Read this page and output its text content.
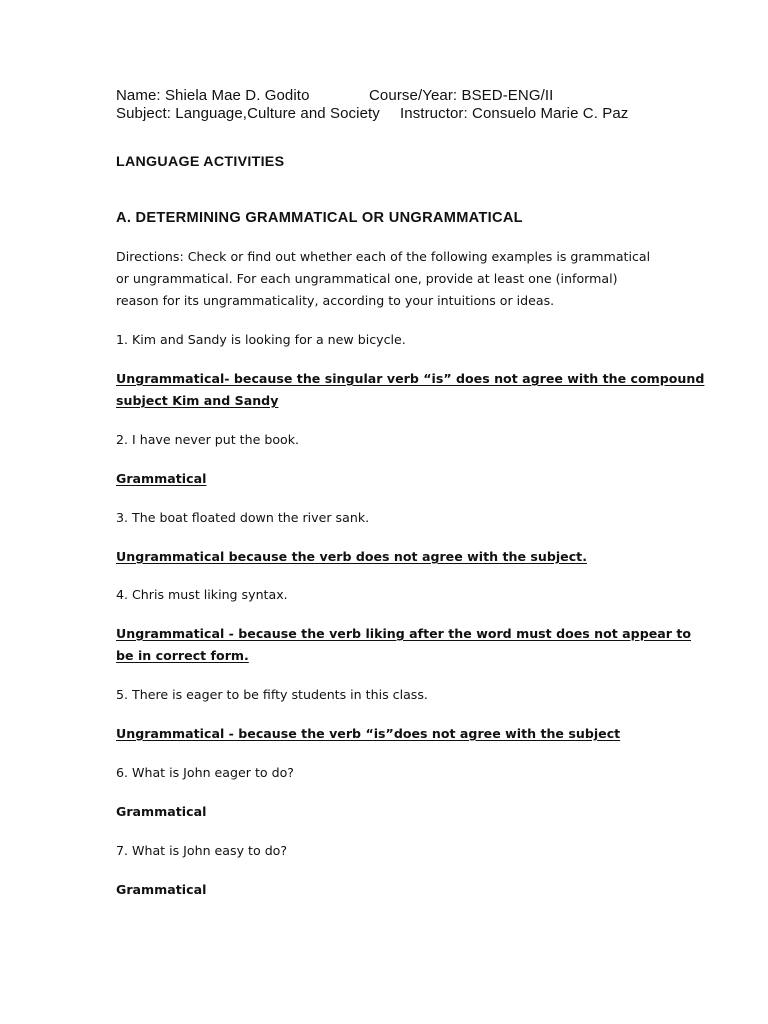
Name: Shiela Mae D. Godito	Course/Year: BSED-ENG/II
Subject: Language,Culture and Society Instructor: Consuelo Marie C. Paz
LANGUAGE ACTIVITIES
A. DETERMINING GRAMMATICAL OR UNGRAMMATICAL
Directions: Check or find out whether each of the following examples is grammatical
or ungrammatical. For each ungrammatical one, provide at least one (informal)
reason for its ungrammaticality, according to your intuitions or ideas.
1. Kim and Sandy is looking for a new bicycle.
Ungrammatical- because the singular verb “is” does not agree with the compound
subject Kim and Sandy
2. I have never put the book.
Grammatical
3. The boat floated down the river sank.
Ungrammatical because the verb does not agree with the subject.
4. Chris must liking syntax.
Ungrammatical - because the verb liking after the word must does not appear to
be in correct form.
5. There is eager to be fifty students in this class.
Ungrammatical - because the verb “is”does not agree with the subject
6. What is John eager to do?
Grammatical
7. What is John easy to do?
Grammatical
